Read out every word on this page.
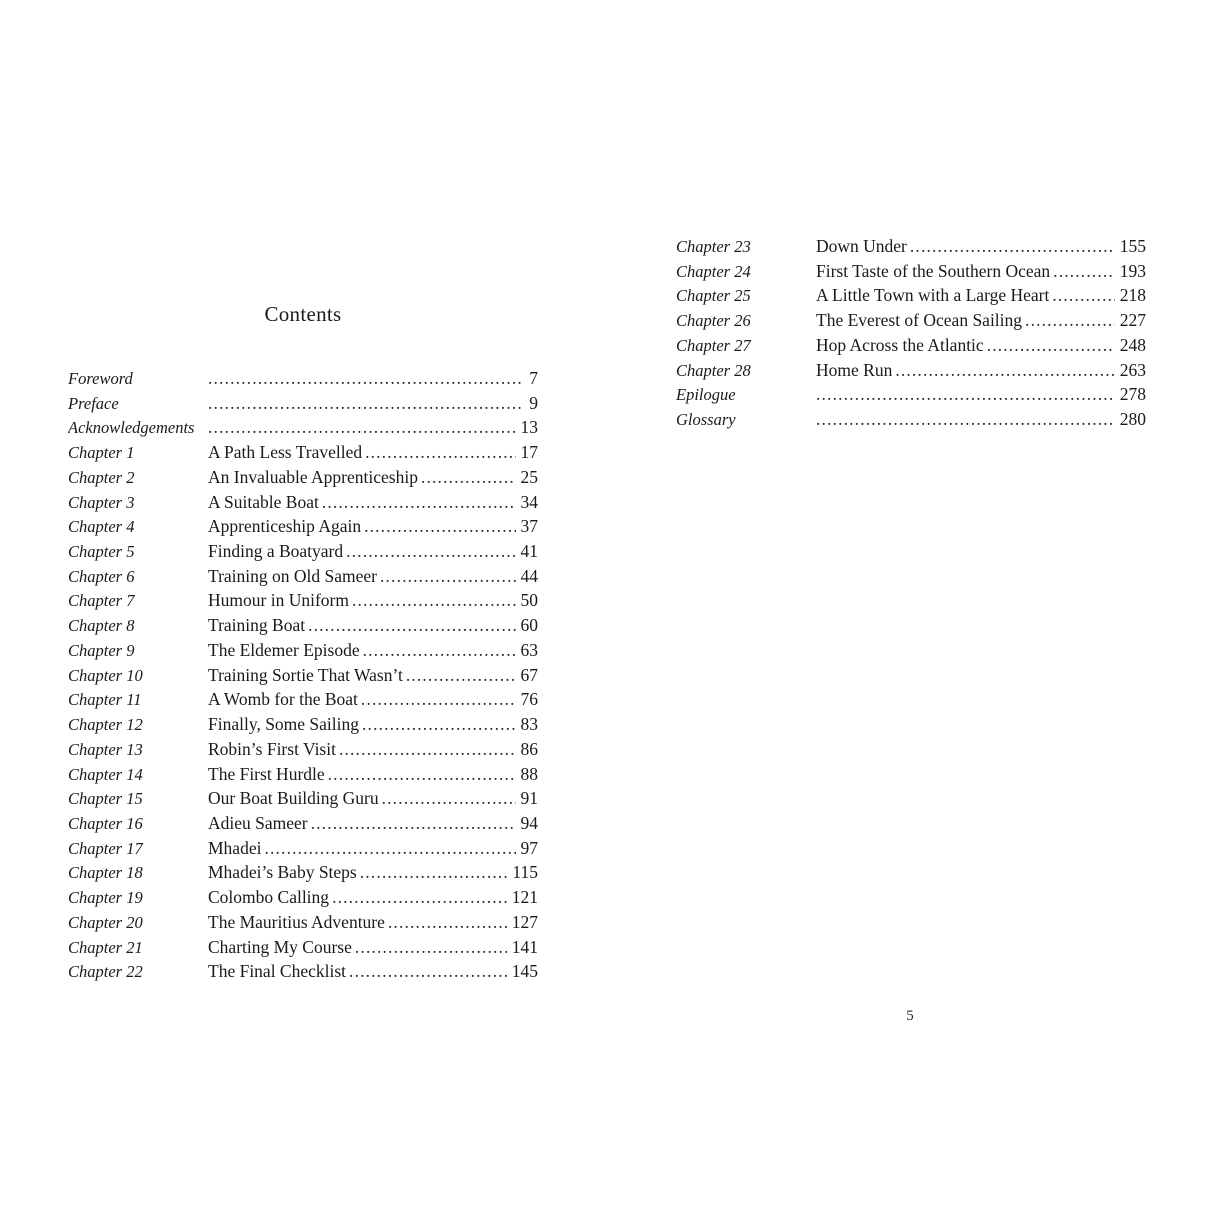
Contents
Foreword .....	7
Preface .....	9
Acknowledgements .....	13
Chapter 1	A Path Less Travelled .....	17
Chapter 2	An Invaluable Apprenticeship .....	25
Chapter 3	A Suitable Boat .....	34
Chapter 4	Apprenticeship Again .....	37
Chapter 5	Finding a Boatyard .....	41
Chapter 6	Training on Old Sameer .....	44
Chapter 7	Humour in Uniform .....	50
Chapter 8	Training Boat .....	60
Chapter 9	The Eldemer Episode .....	63
Chapter 10	Training Sortie That Wasn’t .....	67
Chapter 11	A Womb for the Boat .....	76
Chapter 12	Finally, Some Sailing .....	83
Chapter 13	Robin’s First Visit .....	86
Chapter 14	The First Hurdle .....	88
Chapter 15	Our Boat Building Guru .....	91
Chapter 16	Adieu Sameer .....	94
Chapter 17	Mhadei .....	97
Chapter 18	Mhadei’s Baby Steps .....	115
Chapter 19	Colombo Calling .....	121
Chapter 20	The Mauritius Adventure .....	127
Chapter 21	Charting My Course .....	141
Chapter 22	The Final Checklist .....	145
Chapter 23	Down Under .....	155
Chapter 24	First Taste of the Southern Ocean .....	193
Chapter 25	A Little Town with a Large Heart .....	218
Chapter 26	The Everest of Ocean Sailing .....	227
Chapter 27	Hop Across the Atlantic .....	248
Chapter 28	Home Run .....	263
Epilogue .....	278
Glossary .....	280
5
